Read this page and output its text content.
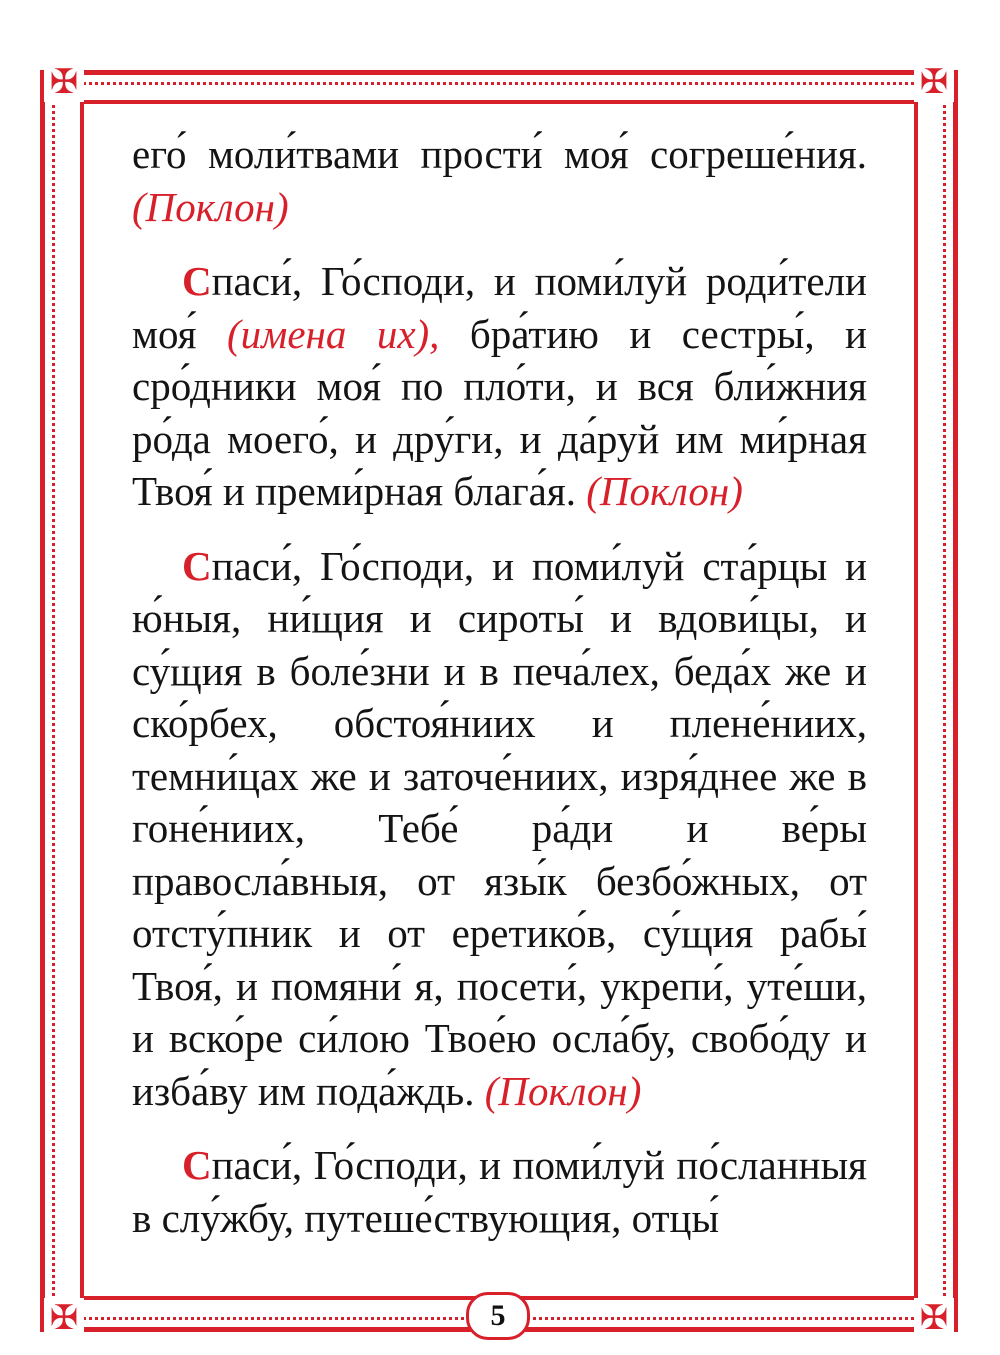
✠	✠
✠	✠

его́ моли́твами прости́ моя́ согреше́ния. (Поклон)

Спаси́, Го́споди, и поми́луй роди́тели моя́ (имена их), бра́тию и сестры́, и сро́дники моя́ по пло́ти, и вся бли́жния ро́да моего́, и дру́ги, и да́руй им ми́рная Твоя́ и преми́рная блага́я. (Поклон)

Спаси́, Го́споди, и поми́луй ста́рцы и ю́ныя, ни́щия и сироты́ и вдови́цы, и су́щия в боле́зни и в печа́лех, беда́х же и ско́рбех, обстоя́ниих и плене́ниих, темни́цах же и заточе́ниих, изря́днее же в гоне́ниих, Тебе́ ра́ди и ве́ры правосла́вныя, от язы́к безбо́жных, от отсту́пник и от еретико́в, су́щия рабы́ Твоя́, и помяни́ я, посети́, укрепи́, уте́ши, и вско́ре си́лою Твое́ю осла́бу, свобо́ду и изба́ву им пода́ждь. (Поклон)

Спаси́, Го́споди, и поми́луй по́сланныя в слу́жбу, путеше́ствующия, отцы́

5
